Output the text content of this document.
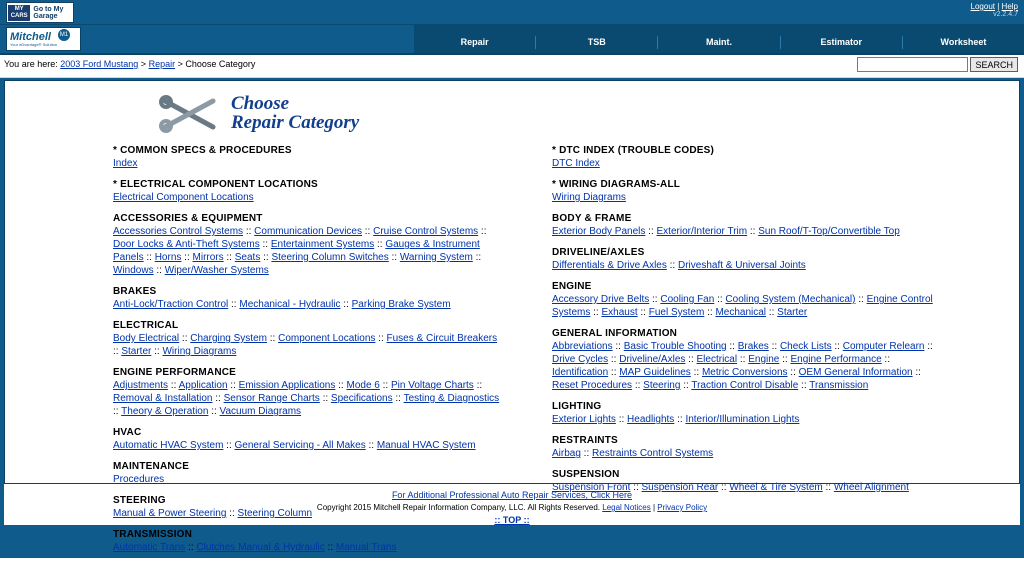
MY CARS
Go to My Garage
Logout | Help
v2.2.4.7
Mitchell
Your eDvantage® Solution
M1
Repair	TSB	Maint.	Estimator	Worksheet
You are here: 2003 Ford Mustang > Repair > Choose Category	SEARCH
Choose
Repair Category
* COMMON SPECS & PROCEDURES
Index
* ELECTRICAL COMPONENT LOCATIONS
Electrical Component Locations
ACCESSORIES & EQUIPMENT
Accessories Control Systems :: Communication Devices :: Cruise Control Systems :: Door Locks & Anti-Theft Systems :: Entertainment Systems :: Gauges & Instrument Panels :: Horns :: Mirrors :: Seats :: Steering Column Switches :: Warning System :: Windows :: Wiper/Washer Systems
BRAKES
Anti-Lock/Traction Control :: Mechanical - Hydraulic :: Parking Brake System
ELECTRICAL
Body Electrical :: Charging System :: Component Locations :: Fuses & Circuit Breakers :: Starter :: Wiring Diagrams
ENGINE PERFORMANCE
Adjustments :: Application :: Emission Applications :: Mode 6 :: Pin Voltage Charts :: Removal & Installation :: Sensor Range Charts :: Specifications :: Testing & Diagnostics :: Theory & Operation :: Vacuum Diagrams
HVAC
Automatic HVAC System :: General Servicing - All Makes :: Manual HVAC System
MAINTENANCE
Procedures
STEERING
Manual & Power Steering :: Steering Column
TRANSMISSION
Automatic Trans :: Clutches Manual & Hydraulic :: Manual Trans
* DTC INDEX (TROUBLE CODES)
DTC Index
* WIRING DIAGRAMS-ALL
Wiring Diagrams
BODY & FRAME
Exterior Body Panels :: Exterior/Interior Trim :: Sun Roof/T-Top/Convertible Top
DRIVELINE/AXLES
Differentials & Drive Axles :: Driveshaft & Universal Joints
ENGINE
Accessory Drive Belts :: Cooling Fan :: Cooling System (Mechanical) :: Engine Control Systems :: Exhaust :: Fuel System :: Mechanical :: Starter
GENERAL INFORMATION
Abbreviations :: Basic Trouble Shooting :: Brakes :: Check Lists :: Computer Relearn :: Drive Cycles :: Driveline/Axles :: Electrical :: Engine :: Engine Performance :: Identification :: MAP Guidelines :: Metric Conversions :: OEM General Information :: Reset Procedures :: Steering :: Traction Control Disable :: Transmission
LIGHTING
Exterior Lights :: Headlights :: Interior/Illumination Lights
RESTRAINTS
Airbag :: Restraints Control Systems
SUSPENSION
Suspension Front :: Suspension Rear :: Wheel & Tire System :: Wheel Alignment
For Additional Professional Auto Repair Services, Click Here
Copyright 2015 Mitchell Repair Information Company, LLC. All Rights Reserved. Legal Notices | Privacy Policy
:: TOP ::
